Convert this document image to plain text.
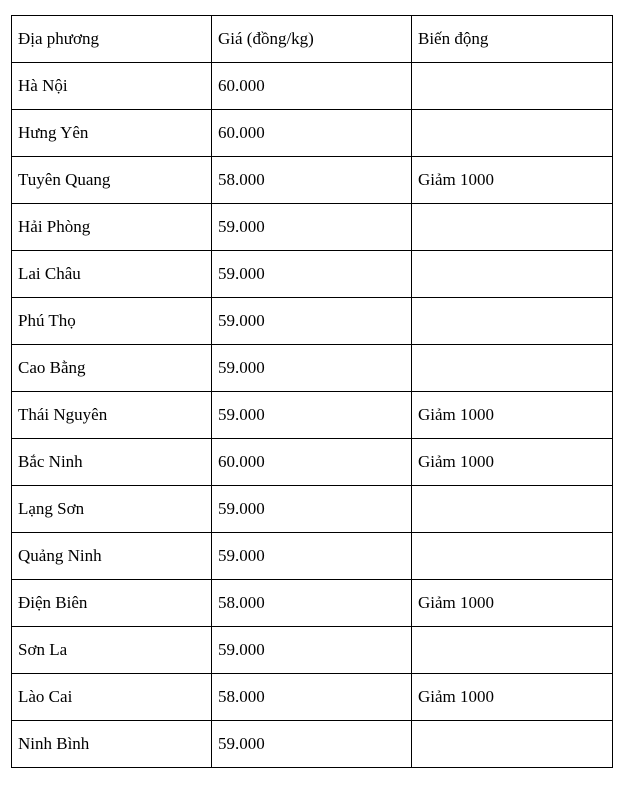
Địa phương	Giá (đồng/kg)	Biến động
Hà Nội	60.000	
Hưng Yên	60.000	
Tuyên Quang	58.000	Giảm 1000
Hải Phòng	59.000	
Lai Châu	59.000	
Phú Thọ	59.000	
Cao Bằng	59.000	
Thái Nguyên	59.000	Giảm 1000
Bắc Ninh	60.000	Giảm 1000
Lạng Sơn	59.000	
Quảng Ninh	59.000	
Điện Biên	58.000	Giảm 1000
Sơn La	59.000	
Lào Cai	58.000	Giảm 1000
Ninh Bình	59.000	
